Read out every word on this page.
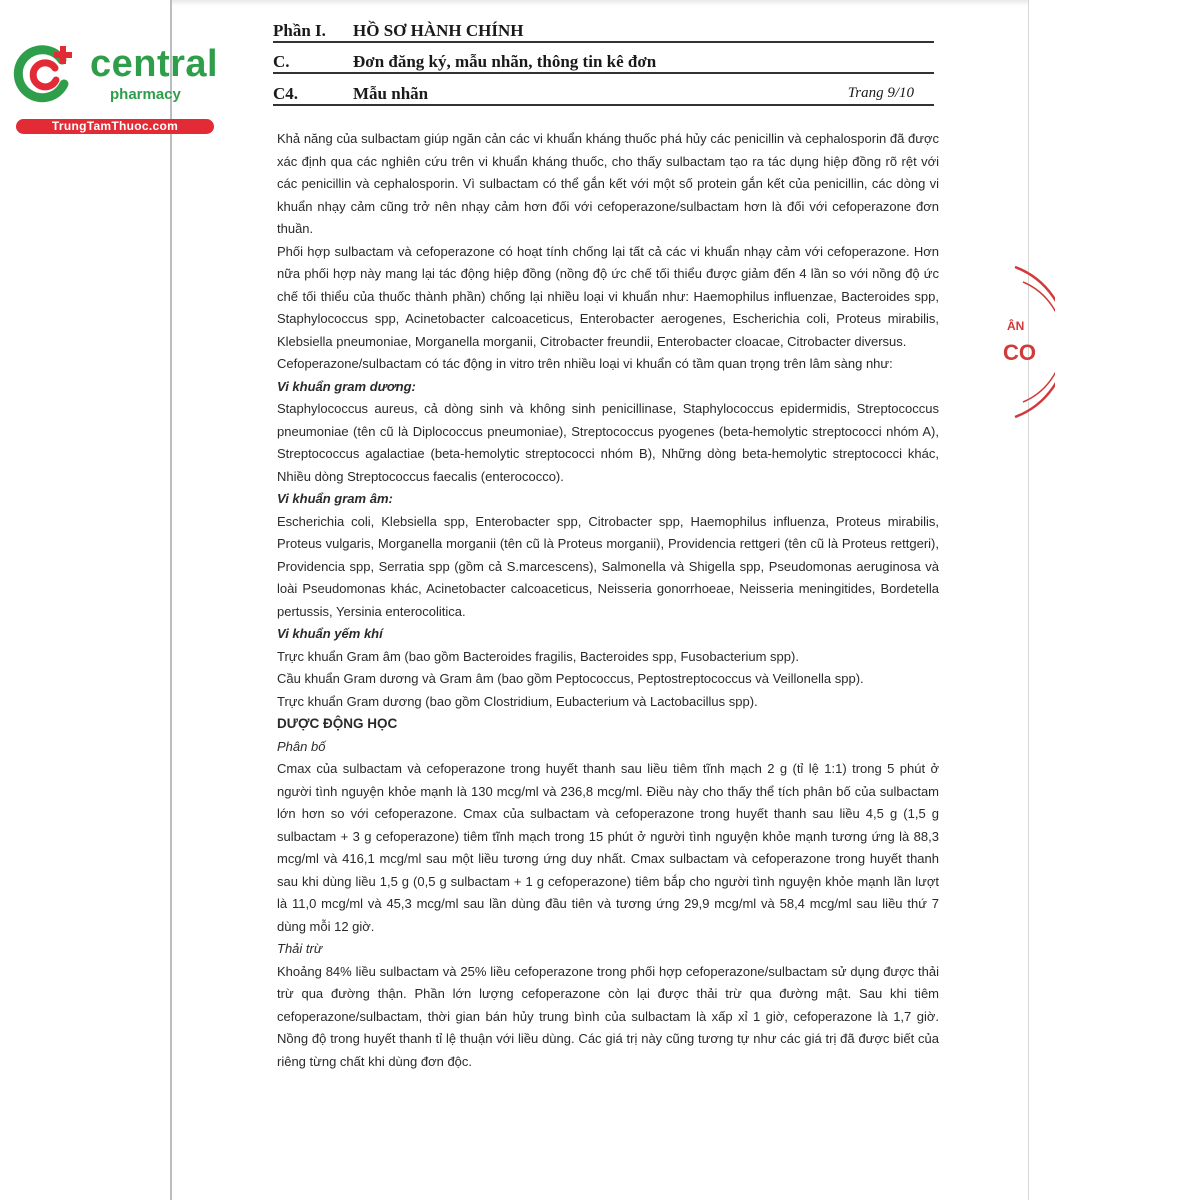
central
pharmacy
TrungTamThuoc.com
Phần I. HỒ SƠ HÀNH CHÍNH
C.	Đơn đăng ký, mẫu nhãn, thông tin kê đơn
C4.	Mẫu nhãn	Trang 9/10

Khả năng của sulbactam giúp ngăn cản các vi khuẩn kháng thuốc phá hủy các penicillin và cephalosporin đã được xác định qua các nghiên cứu trên vi khuẩn kháng thuốc, cho thấy sulbactam tạo ra tác dụng hiệp đồng rõ rệt với các penicillin và cephalosporin. Vì sulbactam có thể gắn kết với một số protein gắn kết của penicillin, các dòng vi khuẩn nhạy cảm cũng trở nên nhạy cảm hơn đối với cefoperazone/sulbactam hơn là đối với cefoperazone đơn thuần.

Phối hợp sulbactam và cefoperazone có hoạt tính chống lại tất cả các vi khuẩn nhạy cảm với cefoperazone. Hơn nữa phối hợp này mang lại tác động hiệp đồng (nồng độ ức chế tối thiểu được giảm đến 4 lần so với nồng độ ức chế tối thiểu của thuốc thành phần) chống lại nhiều loại vi khuẩn như: Haemophilus influenzae, Bacteroides spp, Staphylococcus spp, Acinetobacter calcoaceticus, Enterobacter aerogenes, Escherichia coli, Proteus mirabilis, Klebsiella pneumoniae, Morganella morganii, Citrobacter freundii, Enterobacter cloacae, Citrobacter diversus.

Cefoperazone/sulbactam có tác động in vitro trên nhiều loại vi khuẩn có tầm quan trọng trên lâm sàng như:

Vi khuẩn gram dương:

Staphylococcus aureus, cả dòng sinh và không sinh penicillinase, Staphylococcus epidermidis, Streptococcus pneumoniae (tên cũ là Diplococcus pneumoniae), Streptococcus pyogenes (beta-hemolytic streptococci nhóm A), Streptococcus agalactiae (beta-hemolytic streptococci nhóm B), Những dòng beta-hemolytic streptococci khác, Nhiều dòng Streptococcus faecalis (enterococco).

Vi khuẩn gram âm:

Escherichia coli, Klebsiella spp, Enterobacter spp, Citrobacter spp, Haemophilus influenza, Proteus mirabilis, Proteus vulgaris, Morganella morganii (tên cũ là Proteus morganii), Providencia rettgeri (tên cũ là Proteus rettgeri), Providencia spp, Serratia spp (gồm cả S.marcescens), Salmonella và Shigella spp, Pseudomonas aeruginosa và loài Pseudomonas khác, Acinetobacter calcoaceticus, Neisseria gonorrhoeae, Neisseria meningitides, Bordetella pertussis, Yersinia enterocolitica.

Vi khuẩn yếm khí

Trực khuẩn Gram âm (bao gồm Bacteroides fragilis, Bacteroides spp, Fusobacterium spp).

Cầu khuẩn Gram dương và Gram âm (bao gồm Peptococcus, Peptostreptococcus và Veillonella spp).

Trực khuẩn Gram dương (bao gồm Clostridium, Eubacterium và Lactobacillus spp).

DƯỢC ĐỘNG HỌC

Phân bố

Cmax của sulbactam và cefoperazone trong huyết thanh sau liều tiêm tĩnh mạch 2 g (tỉ lệ 1:1) trong 5 phút ở người tình nguyện khỏe mạnh là 130 mcg/ml và 236,8 mcg/ml. Điều này cho thấy thể tích phân bố của sulbactam lớn hơn so với cefoperazone. Cmax của sulbactam và cefoperazone trong huyết thanh sau liều 4,5 g (1,5 g sulbactam + 3 g cefoperazone) tiêm tĩnh mạch trong 15 phút ở người tình nguyện khỏe mạnh tương ứng là 88,3 mcg/ml và 416,1 mcg/ml sau một liều tương ứng duy nhất. Cmax sulbactam và cefoperazone trong huyết thanh sau khi dùng liều 1,5 g (0,5 g sulbactam + 1 g cefoperazone) tiêm bắp cho người tình nguyện khỏe mạnh lần lượt là 11,0 mcg/ml và 45,3 mcg/ml sau lần dùng đầu tiên và tương ứng 29,9 mcg/ml và 58,4 mcg/ml sau liều thứ 7 dùng mỗi 12 giờ.

Thải trừ

Khoảng 84% liều sulbactam và 25% liều cefoperazone trong phối hợp cefoperazone/sulbactam sử dụng được thải trừ qua đường thận. Phần lớn lượng cefoperazone còn lại được thải trừ qua đường mật. Sau khi tiêm cefoperazone/sulbactam, thời gian bán hủy trung bình của sulbactam là xấp xỉ 1 giờ, cefoperazone là 1,7 giờ. Nồng độ trong huyết thanh tỉ lệ thuận với liều dùng. Các giá trị này cũng tương tự như các giá trị đã được biết của riêng từng chất khi dùng đơn độc.

ÂN
CO
